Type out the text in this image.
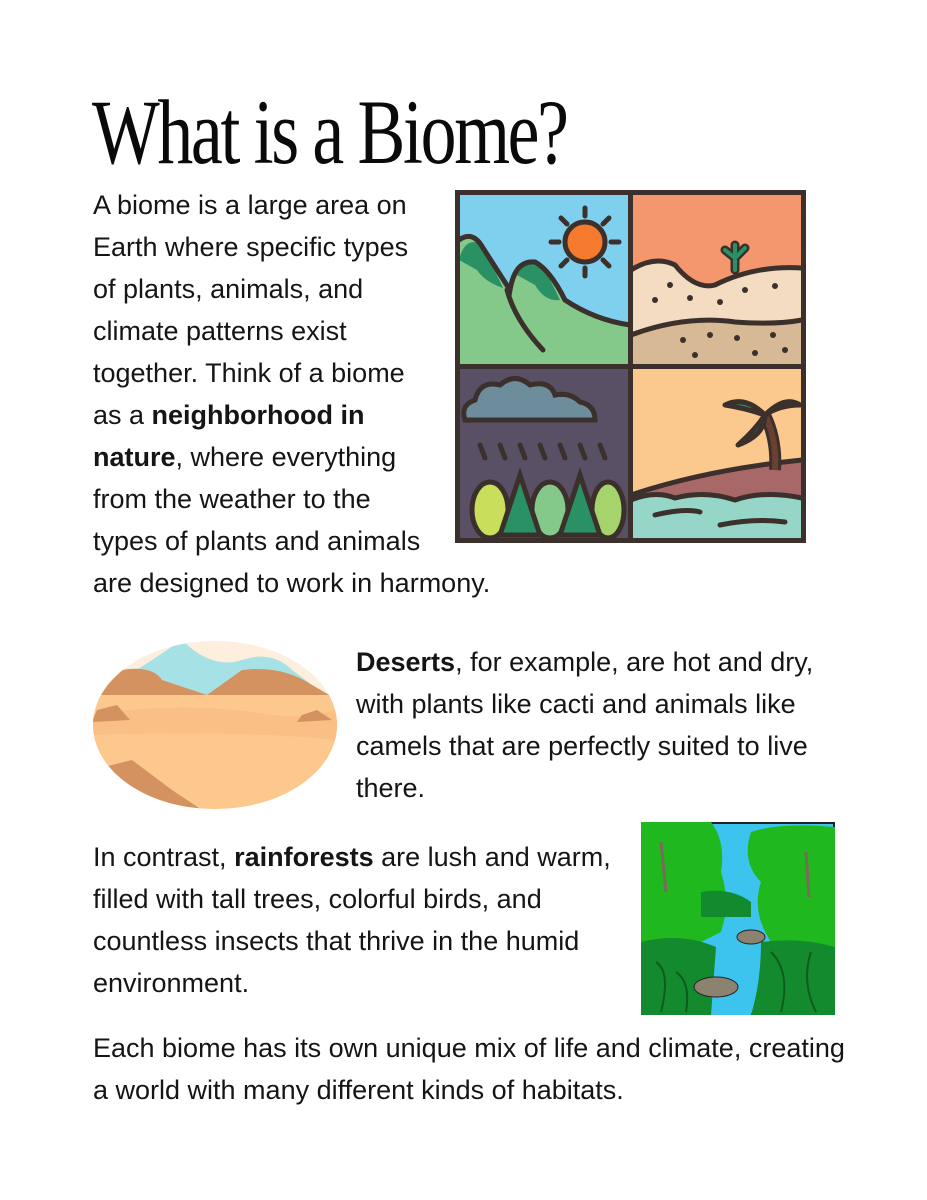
What is a Biome?

A biome is a large area on Earth where specific types of plants, animals, and climate patterns exist together. Think of a biome as a neighborhood in nature, where everything from the weather to the types of plants and animals are designed to work in harmony.

Deserts, for example, are hot and dry, with plants like cacti and animals like camels that are perfectly suited to live there.

In contrast, rainforests are lush and warm, filled with tall trees, colorful birds, and countless insects that thrive in the humid environment.

Each biome has its own unique mix of life and climate, creating a world with many different kinds of habitats.
